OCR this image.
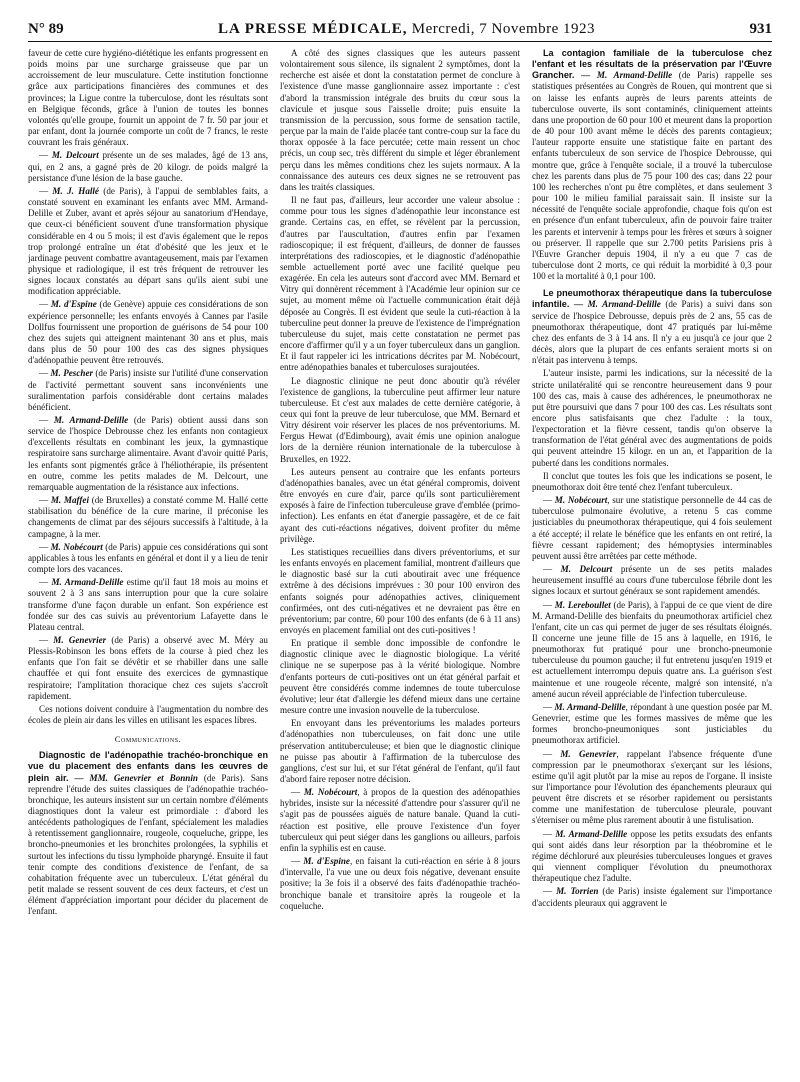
N° 89	LA PRESSE MÉDICALE, Mercredi, 7 Novembre 1923	931

faveur de cette cure hygiéno-diététique les enfants progressent en poids moins par une surcharge graisseuse que par un accroissement de leur musculature. Cette institution fonctionne grâce aux participations financières des communes et des provinces; la Ligue contre la tuberculose, dont les résultats sont en Belgique féconds, grâce à l'union de toutes les bonnes volontés qu'elle groupe, fournit un appoint de 7 fr. 50 par jour et par enfant, dont la journée comporte un coût de 7 francs, le reste couvrant les frais généraux.

— M. Delcourt présente un de ses malades, âgé de 13 ans, qui, en 2 ans, a gagné près de 20 kilogr. de poids malgré la persistance d'une lésion de la base gauche.

— M. J. Hallé (de Paris), à l'appui de semblables faits, a constaté souvent en examinant les enfants avec MM. Armand-Delille et Zuber, avant et après séjour au sanatorium d'Hendaye, que ceux-ci bénéficient souvent d'une transformation physique considérable en 4 ou 5 mois; il est d'avis également que le repos trop prolongé entraîne un état d'obésité que les jeux et le jardinage peuvent combattre avantageusement, mais par l'examen physique et radiologique, il est très fréquent de retrouver les signes locaux constatés au départ sans qu'ils aient subi une modification appréciable.

— M. d'Espine (de Genève) appuie ces considérations de son expérience personnelle; les enfants envoyés à Cannes par l'asile Dollfus fournissent une proportion de guérisons de 54 pour 100 chez des sujets qui atteignent maintenant 30 ans et plus, mais dans plus de 50 pour 100 des cas des signes physiques d'adénopathie peuvent être retrouvés.

— M. Pescher (de Paris) insiste sur l'utilité d'une conservation de l'activité permettant souvent sans inconvénients une suralimentation parfois considérable dont certains malades bénéficient.

— M. Armand-Delille (de Paris) obtient aussi dans son service de l'hospice Debrousse chez les enfants non contagieux d'excellents résultats en combinant les jeux, la gymnastique respiratoire sans surcharge alimentaire. Avant d'avoir quitté Paris, les enfants sont pigmentés grâce à l'héliothérapie, ils présentent en outre, comme les petits malades de M. Delcourt, une remarquable augmentation de la résistance aux infections.

— M. Maffei (de Bruxelles) a constaté comme M. Hallé cette stabilisation du bénéfice de la cure marine, il préconise les changements de climat par des séjours successifs à l'altitude, à la campagne, à la mer.

— M. Nobécourt (de Paris) appuie ces considérations qui sont applicables à tous les enfants en général et dont il y a lieu de tenir compte lors des vacances.

— M. Armand-Delille estime qu'il faut 18 mois au moins et souvent 2 à 3 ans sans interruption pour que la cure solaire transforme d'une façon durable un enfant. Son expérience est fondée sur des cas suivis au préventorium Lafayette dans le Plateau central.

— M. Genevrier (de Paris) a observé avec M. Méry au Plessis-Robinson les bons effets de la course à pied chez les enfants que l'on fait se dévêtir et se rhabiller dans une salle chauffée et qui font ensuite des exercices de gymnastique respiratoire; l'amplitation thoracique chez ces sujets s'accroît rapidement.

Ces notions doivent conduire à l'augmentation du nombre des écoles de plein air dans les villes en utilisant les espaces libres.

Communications.

Diagnostic de l'adénopathie trachéo-bronchique en vue du placement des enfants dans les œuvres de plein air. — MM. Genevrier et Bonnin (de Paris). Sans reprendre l'étude des suites classiques de l'adénopathie trachéo-bronchique, les auteurs insistent sur un certain nombre d'éléments diagnostiques dont la valeur est primordiale : d'abord les antécédents pathologiques de l'enfant, spécialement les maladies à retentissement ganglionnaire, rougeole, coqueluche, grippe, les broncho-pneumonies et les bronchites prolongées, la syphilis et surtout les infections du tissu lymphoïde pharyngé. Ensuite il faut tenir compte des conditions d'existence de l'enfant, de sa cohabitation fréquente avec un tuberculeux. L'état général du petit malade se ressent souvent de ces deux facteurs, et c'est un élément d'appréciation important pour décider du placement de l'enfant.

A côté des signes classiques que les auteurs passent volontairement sous silence, ils signalent 2 symptômes, dont la recherche est aisée et dont la constatation permet de conclure à l'existence d'une masse ganglionnaire assez importante : c'est d'abord la transmission intégrale des bruits du cœur sous la clavicule et jusque sous l'aisselle droite; puis ensuite la transmission de la percussion, sous forme de sensation tactile, perçue par la main de l'aide placée tant contre-coup sur la face du thorax opposée à la face percutée; cette main ressent un choc précis, un coup sec, très différent du simple et léger ébranlement perçu dans les mêmes conditions chez les sujets normaux. A la connaissance des auteurs ces deux signes ne se retrouvent pas dans les traités classiques.

Il ne faut pas, d'ailleurs, leur accorder une valeur absolue : comme pour tous les signes d'adénopathie leur inconstance est grande. Certains cas, en effet, se révèlent par la percussion, d'autres par l'auscultation, d'autres enfin par l'examen radioscopique; il est fréquent, d'ailleurs, de donner de fausses interprétations des radioscopies, et le diagnostic d'adénopathie semble actuellement porté avec une facilité quelque peu exagérée. En cela les auteurs sont d'accord avec MM. Bernard et Vitry qui donnèrent récemment à l'Académie leur opinion sur ce sujet, au moment même où l'actuelle communication était déjà déposée au Congrès. Il est évident que seule la cuti-réaction à la tuberculine peut donner la preuve de l'existence de l'imprégnation tuberculeuse du sujet, mais cette constatation ne permet pas encore d'affirmer qu'il y a un foyer tuberculeux dans un ganglion. Et il faut rappeler ici les intrications décrites par M. Nobécourt, entre adénopathies banales et tuberculoses surajoutées.

Le diagnostic clinique ne peut donc aboutir qu'à révéler l'existence de ganglions, la tuberculine peut affirmer leur nature tuberculeuse. Et c'est aux malades de cette dernière catégorie, à ceux qui font la preuve de leur tuberculose, que MM. Bernard et Vitry désirent voir réserver les places de nos préventoriums. M. Fergus Hewat (d'Edimbourg), avait émis une opinion analogue lors de la dernière réunion internationale de la tuberculose à Bruxelles, en 1922.

Les auteurs pensent au contraire que les enfants porteurs d'adénopathies banales, avec un état général compromis, doivent être envoyés en cure d'air, parce qu'ils sont particulièrement exposés à faire de l'infection tuberculeuse grave d'emblée (primo-infection). Les enfants en état d'anergie passagère, et de ce fait ayant des cuti-réactions négatives, doivent profiter du même privilège.

Les statistiques recueillies dans divers préventoriums, et sur les enfants envoyés en placement familial, montrent d'ailleurs que le diagnostic basé sur la cuti aboutirait avec une fréquence extrême à des décisions imprévues : 30 pour 100 environ des enfants soignés pour adénopathies actives, cliniquement confirmées, ont des cuti-négatives et ne devraient pas être en préventorium; par contre, 60 pour 100 des enfants (de 6 à 11 ans) envoyés en placement familial ont des cuti-positives !

En pratique il semble donc impossible de confondre le diagnostic clinique avec le diagnostic biologique. La vérité clinique ne se superpose pas à la vérité biologique. Nombre d'enfants porteurs de cuti-positives ont un état général parfait et peuvent être considérés comme indemnes de toute tuberculose évolutive; leur état d'allergie les défend mieux dans une certaine mesure contre une invasion nouvelle de la tuberculose.

En envoyant dans les préventoriums les malades porteurs d'adénopathies non tuberculeuses, on fait donc une utile préservation antituberculeuse; et bien que le diagnostic clinique ne puisse pas aboutir à l'affirmation de la tuberculose des ganglions, c'est sur lui, et sur l'état général de l'enfant, qu'il faut d'abord faire reposer notre décision.

— M. Nobécourt, à propos de la question des adénopathies hybrides, insiste sur la nécessité d'attendre pour s'assurer qu'il ne s'agit pas de poussées aiguës de nature banale. Quand la cuti-réaction est positive, elle prouve l'existence d'un foyer tuberculeux qui peut siéger dans les ganglions ou ailleurs, parfois enfin la syphilis est en cause.

— M. d'Espine, en faisant la cuti-réaction en série à 8 jours d'intervalle, l'a vue une ou deux fois négative, devenant ensuite positive; la 3e fois il a observé des faits d'adénopathie trachéo-bronchique banale et transitoire après la rougeole et la coqueluche.

La contagion familiale de la tuberculose chez l'enfant et les résultats de la préservation par l'Œuvre Grancher. — M. Armand-Delille (de Paris) rappelle ses statistiques présentées au Congrès de Rouen, qui montrent que si on laisse les enfants auprès de leurs parents atteints de tuberculose ouverte, ils sont contaminés, cliniquement atteints dans une proportion de 60 pour 100 et meurent dans la proportion de 40 pour 100 avant même le décès des parents contagieux; l'auteur rapporte ensuite une statistique faite en partant des enfants tuberculeux de son service de l'hospice Debrousse, qui montre que, grâce à l'enquête sociale, il a trouvé la tuberculose chez les parents dans plus de 75 pour 100 des cas; dans 22 pour 100 les recherches n'ont pu être complètes, et dans seulement 3 pour 100 le milieu familial paraissait sain. Il insiste sur la nécessité de l'enquête sociale approfondie, chaque fois qu'on est en présence d'un enfant tuberculeux, afin de pouvoir faire traiter les parents et intervenir à temps pour les frères et sœurs à soigner ou préserver. Il rappelle que sur 2.700 petits Parisiens pris à l'Œuvre Grancher depuis 1904, il n'y a eu que 7 cas de tuberculose dont 2 morts, ce qui réduit la morbidité à 0,3 pour 100 et la mortalité à 0,1 pour 100.

Le pneumothorax thérapeutique dans la tuberculose infantile. — M. Armand-Delille (de Paris) a suivi dans son service de l'hospice Debrousse, depuis près de 2 ans, 55 cas de pneumothorax thérapeutique, dont 47 pratiqués par lui-même chez des enfants de 3 à 14 ans. Il n'y a eu jusqu'à ce jour que 2 décès, alors que la plupart de ces enfants seraient morts si on n'était pas intervenu à temps.

L'auteur insiste, parmi les indications, sur la nécessité de la stricte unilatéralité qui se rencontre heureusement dans 9 pour 100 des cas, mais à cause des adhérences, le pneumothorax ne put être poursuivi que dans 7 pour 100 des cas. Les résultats sont encore plus satisfaisants que chez l'adulte : la toux, l'expectoration et la fièvre cessent, tandis qu'on observe la transformation de l'état général avec des augmentations de poids qui peuvent atteindre 15 kilogr. en un an, et l'apparition de la puberté dans les conditions normales.

Il conclut que toutes les fois que les indications se posent, le pneumothorax doit être tenté chez l'enfant tuberculeux.

— M. Nobécourt, sur une statistique personnelle de 44 cas de tuberculose pulmonaire évolutive, a retenu 5 cas comme justiciables du pneumothorax thérapeutique, qui 4 fois seulement a été accepté; il relate le bénéfice que les enfants en ont retiré, la fièvre cessant rapidement; des hémoptysies interminables peuvent aussi être arrêtées par cette méthode.

— M. Delcourt présente un de ses petits malades heureusement insufflé au cours d'une tuberculose fébrile dont les signes locaux et surtout généraux se sont rapidement amendés.

— M. Lereboullet (de Paris), à l'appui de ce que vient de dire M. Armand-Delille des bienfaits du pneumothorax artificiel chez l'enfant, cite un cas qui permet de juger de ses résultats éloignés. Il concerne une jeune fille de 15 ans à laquelle, en 1916, le pneumothorax fut pratiqué pour une broncho-pneumonie tuberculeuse du poumon gauche; il fut entretenu jusqu'en 1919 et est actuellement interrompu depuis quatre ans. La guérison s'est maintenue et une rougeole récente, malgré son intensité, n'a amené aucun réveil appréciable de l'infection tuberculeuse.

— M. Armand-Delille, répondant à une question posée par M. Genevrier, estime que les formes massives de même que les formes broncho-pneumoniques sont justiciables du pneumothorax artificiel.

— M. Genevrier, rappelant l'absence fréquente d'une compression par le pneumothorax s'exerçant sur les lésions, estime qu'il agit plutôt par la mise au repos de l'organe. Il insiste sur l'importance pour l'évolution des épanchements pleuraux qui peuvent être discrets et se résorber rapidement ou persistants comme une manifestation de tuberculose pleurale, pouvant s'éterniser ou même plus rarement aboutir à une fistulisation.

— M. Armand-Delille oppose les petits exsudats des enfants qui sont aidés dans leur résorption par la théobromine et le régime déchloruré aux pleurésies tuberculeuses longues et graves qui viennent compliquer l'évolution du pneumothorax thérapeutique chez l'adulte.

— M. Torrien (de Paris) insiste également sur l'importance d'accidents pleuraux qui aggravent le
